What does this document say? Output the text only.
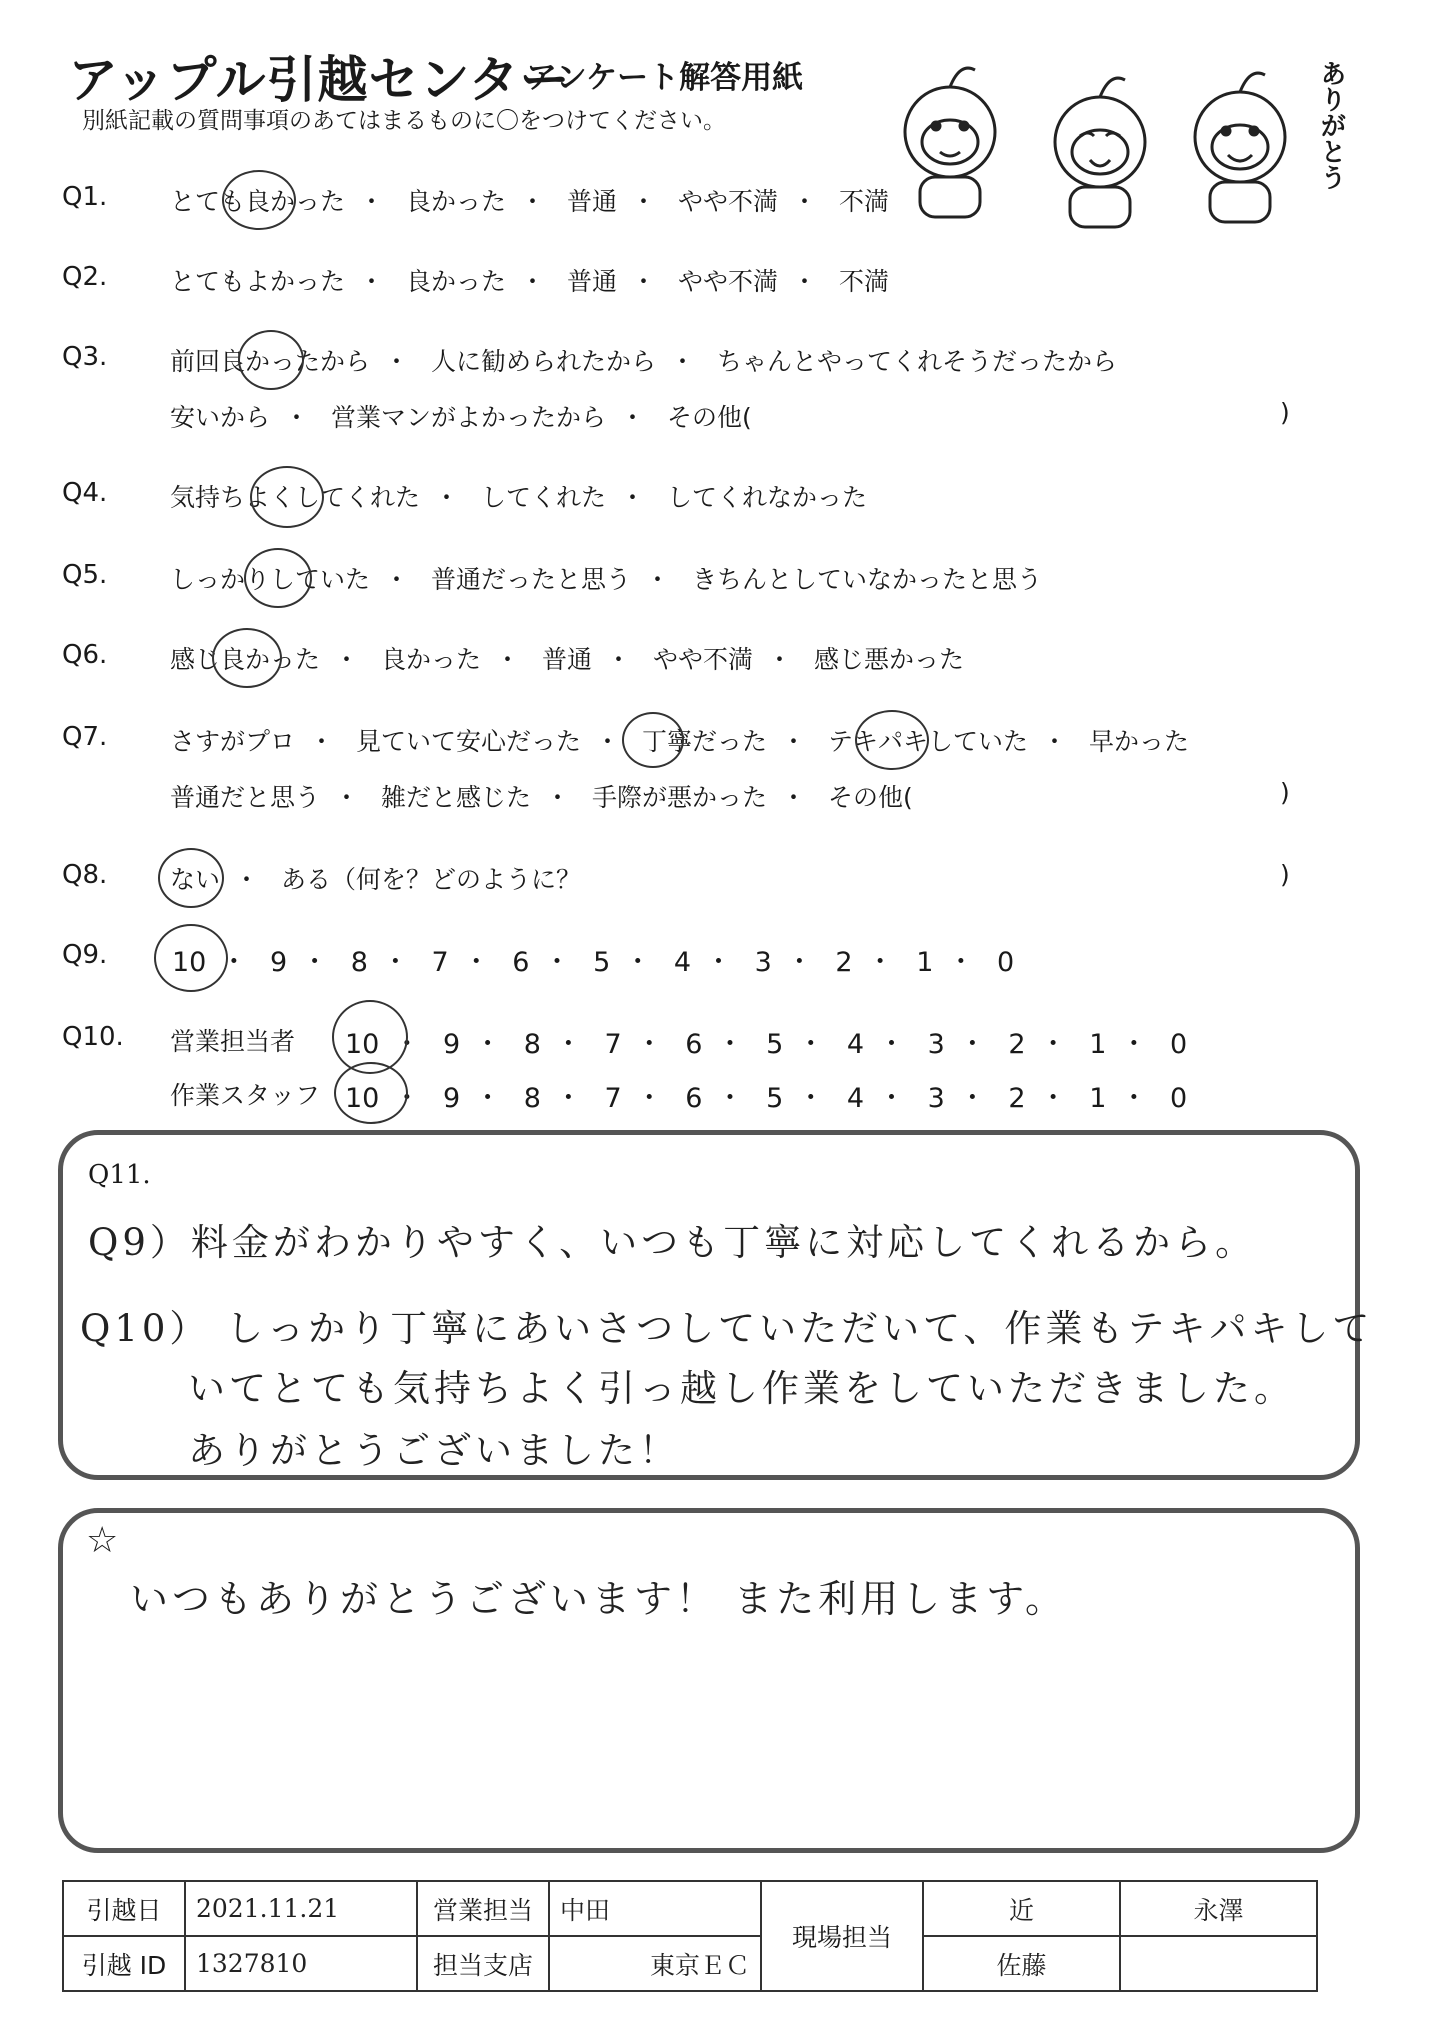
アップル引越センター
アンケート解答用紙
別紙記載の質問事項のあてはまるものに〇をつけてください。	ありがとう
Q1.	とても良かった ・ 良かった ・ 普通 ・ やや不満 ・ 不満
Q2.	とてもよかった ・ 良かった ・ 普通 ・ やや不満 ・ 不満
Q3.	前回良かったから ・ 人に勧められたから ・ ちゃんとやってくれそうだったから
安いから ・ 営業マンがよかったから ・ その他(	)
Q4.	気持ちよくしてくれた ・ してくれた ・ してくれなかった
Q5.	しっかりしていた ・ 普通だったと思う ・ きちんとしていなかったと思う
Q6.	感じ良かった ・ 良かった ・ 普通 ・ やや不満 ・ 感じ悪かった
Q7.	さすがプロ ・ 見ていて安心だった ・ 丁寧だった ・ テキパキしていた ・ 早かった
普通だと思う ・ 雑だと感じた ・ 手際が悪かった ・ その他(	)
Q8.	ない ・ ある（何を？どのように？	)
Q9. 10 ・ 9 ・ 8 ・ 7 ・ 6 ・ 5 ・ 4 ・ 3 ・ 2 ・ 1 ・ 0
Q10. 営業担当者 10 ・ 9 ・ 8 ・ 7 ・ 6 ・ 5 ・ 4 ・ 3 ・ 2 ・ 1 ・ 0
作業スタッフ 10 ・ 9 ・ 8 ・ 7 ・ 6 ・ 5 ・ 4 ・ 3 ・ 2 ・ 1 ・ 0
Q11.
Q9）料金がわかりやすく、いつも丁寧に対応してくれるから。
Q10） しっかり丁寧にあいさつしていただいて、作業もテキパキして
いてとても気持ちよく引っ越し作業をしていただきました。
ありがとうございました！
☆
いつもありがとうございます！ また利用します。
引越日	2021.11.21	営業担当	中田	現場担当	近	永澤
引越 ID	1327810	担当支店	東京ＥＣ		佐藤	
